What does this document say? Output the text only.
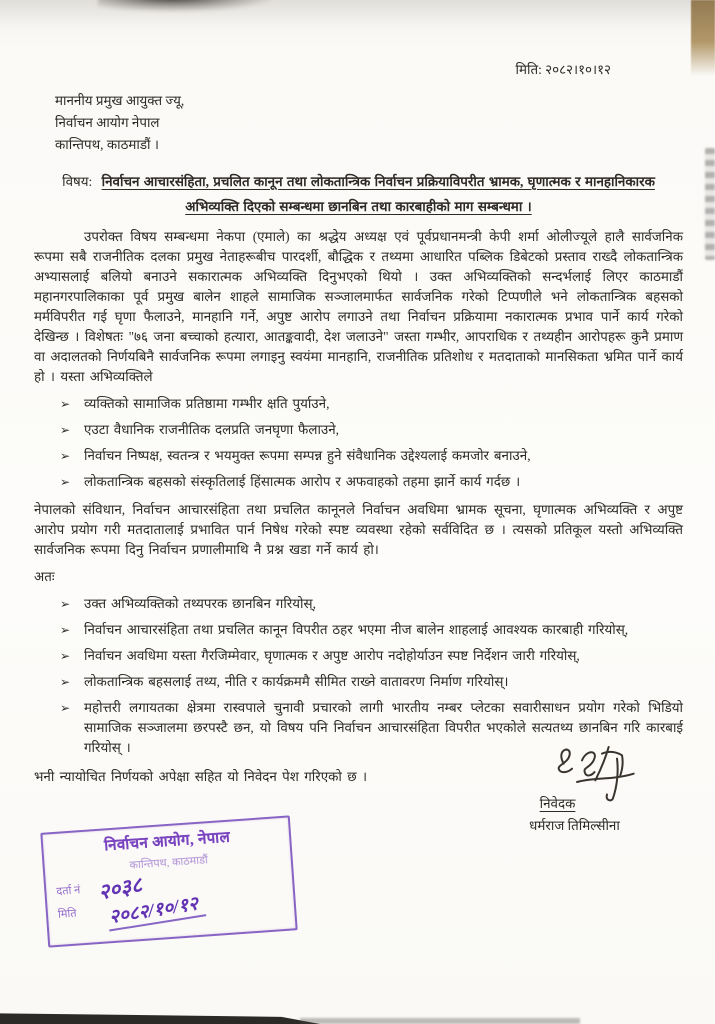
मिति: २०८२।१०।१२
माननीय प्रमुख आयुक्त ज्यू,
निर्वाचन आयोग नेपाल
कान्तिपथ, काठमाडौं ।
विषय: निर्वाचन आचारसंहिता, प्रचलित कानून तथा लोकतान्त्रिक निर्वाचन प्रक्रियाविपरीत भ्रामक, घृणात्मक र मानहानिकारक अभिव्यक्ति दिएको सम्बन्धमा छानबिन तथा कारबाहीको माग सम्बन्धमा ।

उपरोक्त विषय सम्बन्धमा नेकपा (एमाले) का श्रद्धेय अध्यक्ष एवं पूर्वप्रधानमन्त्री केपी शर्मा ओलीज्यूले हालै सार्वजनिक रूपमा सबै राजनीतिक दलका प्रमुख नेताहरूबीच पारदर्शी, बौद्धिक र तथ्यमा आधारित पब्लिक डिबेटको प्रस्ताव राख्दै लोकतान्त्रिक अभ्यासलाई बलियो बनाउने सकारात्मक अभिव्यक्ति दिनुभएको थियो । उक्त अभिव्यक्तिको सन्दर्भलाई लिएर काठमाडौं महानगरपालिकाका पूर्व प्रमुख बालेन शाहले सामाजिक सञ्जालमार्फत सार्वजनिक गरेको टिप्पणीले भने लोकतान्त्रिक बहसको मर्मविपरीत गई घृणा फैलाउने, मानहानि गर्ने, अपुष्ट आरोप लगाउने तथा निर्वाचन प्रक्रियामा नकारात्मक प्रभाव पार्ने कार्य गरेको देखिन्छ । विशेषतः "७६ जना बच्चाको हत्यारा, आतङ्कवादी, देश जलाउने" जस्ता गम्भीर, आपराधिक र तथ्यहीन आरोपहरू कुनै प्रमाण वा अदालतको निर्णयबिनै सार्वजनिक रूपमा लगाइनु स्वयंमा मानहानि, राजनीतिक प्रतिशोध र मतदाताको मानसिकता भ्रमित पार्ने कार्य हो । यस्ता अभिव्यक्तिले

➢	व्यक्तिको सामाजिक प्रतिष्ठामा गम्भीर क्षति पुर्याउने,
➢	एउटा वैधानिक राजनीतिक दलप्रति जनघृणा फैलाउने,
➢	निर्वाचन निष्पक्ष, स्वतन्त्र र भयमुक्त रूपमा सम्पन्न हुने संवैधानिक उद्देश्यलाई कमजोर बनाउने,
➢	लोकतान्त्रिक बहसको संस्कृतिलाई हिंसात्मक आरोप र अफवाहको तहमा झार्ने कार्य गर्दछ ।

नेपालको संविधान, निर्वाचन आचारसंहिता तथा प्रचलित कानूनले निर्वाचन अवधिमा भ्रामक सूचना, घृणात्मक अभिव्यक्ति र अपुष्ट आरोप प्रयोग गरी मतदातालाई प्रभावित पार्न निषेध गरेको स्पष्ट व्यवस्था रहेको सर्वविदित छ । त्यसको प्रतिकूल यस्तो अभिव्यक्ति सार्वजनिक रूपमा दिनु निर्वाचन प्रणालीमाथि नै प्रश्न खडा गर्ने कार्य हो।

अतः
➢	उक्त अभिव्यक्तिको तथ्यपरक छानबिन गरियोस्,
➢	निर्वाचन आचारसंहिता तथा प्रचलित कानून विपरीत ठहर भएमा नीज बालेन शाहलाई आवश्यक कारबाही गरियोस्,
➢	निर्वाचन अवधिमा यस्ता गैरजिम्मेवार, घृणात्मक र अपुष्ट आरोप नदोहोर्याउन स्पष्ट निर्देशन जारी गरियोस्,
➢	लोकतान्त्रिक बहसलाई तथ्य, नीति र कार्यक्रममै सीमित राख्ने वातावरण निर्माण गरियोस्।
➢	महोत्तरी लगायतका क्षेत्रमा रास्वपाले चुनावी प्रचारको लागी भारतीय नम्बर प्लेटका सवारीसाधन प्रयोग गरेको भिडियो सामाजिक सञ्जालमा छरपस्टै छन, यो विषय पनि निर्वाचन आचारसंहिता विपरीत भएकोले सत्यतथ्य छानबिन गरि कारबाई गरियोस् ।

भनी न्यायोचित निर्णयको अपेक्षा सहित यो निवेदन पेश गरिएको छ ।

निवेदक
धर्मराज तिमिल्सीना
निर्वाचन आयोग, नेपाल
कान्तिपथ, काठमाडौं
दर्ता नं २०३८
मिति २०८२/१०/१२
